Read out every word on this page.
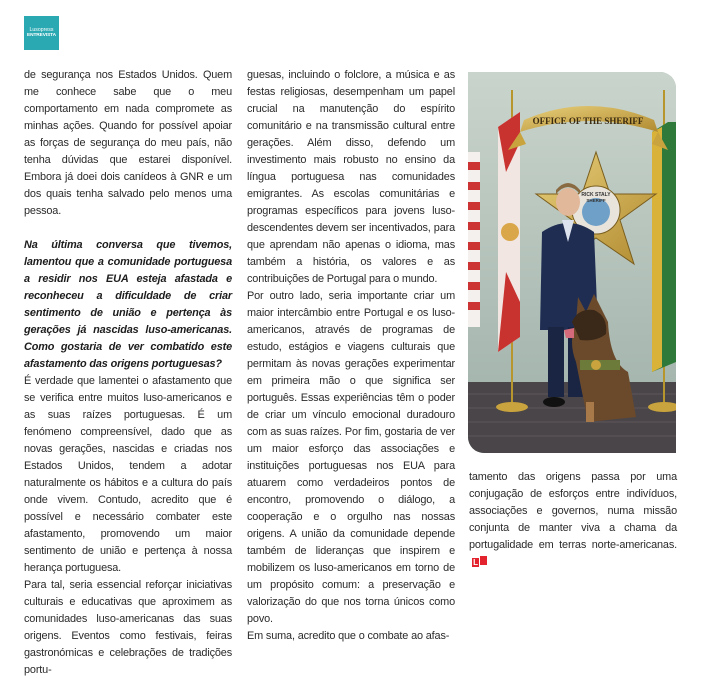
Lusopress
ENTREVISTA

de segurança nos Estados Unidos. Quem me conhece sabe que o meu comportamento em nada compromete as minhas ações. Quando for possível apoiar as forças de segurança do meu país, não tenha dúvidas que estarei disponível. Embora já doei dois canídeos à GNR e um dos quais tenha salvado pelo menos uma pessoa.

Na última conversa que tivemos, lamentou que a comunidade portuguesa a residir nos EUA esteja afastada e reconheceu a dificuldade de criar sentimento de união e pertença às gerações já nascidas luso-americanas. Como gostaria de ver combatido este afastamento das origens portuguesas?

É verdade que lamentei o afastamento que se verifica entre muitos luso-americanos e as suas raízes portuguesas. É um fenómeno compreensível, dado que as novas gerações, nascidas e criadas nos Estados Unidos, tendem a adotar naturalmente os hábitos e a cultura do país onde vivem. Contudo, acredito que é possível e necessário combater este afastamento, promovendo um maior sentimento de união e pertença à nossa herança portuguesa.

Para tal, seria essencial reforçar iniciativas culturais e educativas que aproximem as comunidades luso-americanas das suas origens. Eventos como festivais, feiras gastronómicas e celebrações de tradições portu-

guesas, incluindo o folclore, a música e as festas religiosas, desempenham um papel crucial na manutenção do espírito comunitário e na transmissão cultural entre gerações. Além disso, defendo um investimento mais robusto no ensino da língua portuguesa nas comunidades emigrantes. As escolas comunitárias e programas específicos para jovens luso-descendentes devem ser incentivados, para que aprendam não apenas o idioma, mas também a história, os valores e as contribuições de Portugal para o mundo.

Por outro lado, seria importante criar um maior intercâmbio entre Portugal e os luso-americanos, através de programas de estudo, estágios e viagens culturais que permitam às novas gerações experimentar em primeira mão o que significa ser português. Essas experiências têm o poder de criar um vínculo emocional duradouro com as suas raízes. Por fim, gostaria de ver um maior esforço das associações e instituições portuguesas nos EUA para atuarem como verdadeiros pontos de encontro, promovendo o diálogo, a cooperação e o orgulho nas nossas origens. A união da comunidade depende também de lideranças que inspirem e mobilizem os luso-americanos em torno de um propósito comum: a preservação e valorização do que nos torna únicos como povo.

Em suma, acredito que o combate ao afas-

OFFICE OF THE SHERIFF
RICK STALY
SHERIFF

tamento das origens passa por uma conjugação de esforços entre indivíduos, associações e governos, numa missão conjunta de manter viva a chama da portugalidade em terras norte-americanas.L
